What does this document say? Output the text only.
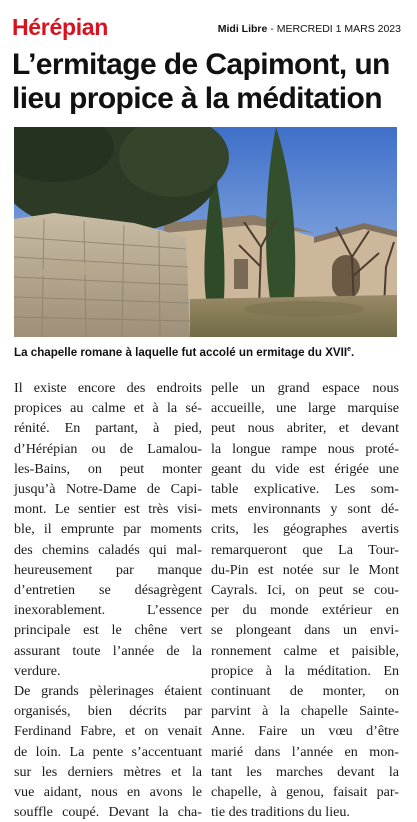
Hérépian	Midi Libre - MERCREDI 1 MARS 2023
L’ermitage de Capimont, un lieu propice à la méditation
La chapelle romane à laquelle fut accolé un ermitage du XVIIe.
Il existe encore des endroits
propices au calme et à la sé-
rénité. En partant, à pied,
d’Hérépian ou de Lamalou-
les-Bains, on peut monter
jusqu’à Notre-Dame de Capi-
mont. Le sentier est très visi-
ble, il emprunte par moments
des chemins caladés qui mal-
heureusement par manque
d’entretien se désagrègent
inexorablement. L’essence
principale est le chêne vert
assurant toute l’année de la
verdure.
De grands pèlerinages étaient
organisés, bien décrits par
Ferdinand Fabre, et on venait
de loin. La pente s’accentuant
sur les derniers mètres et la
vue aidant, nous en avons le
souffle coupé. Devant la cha-
pelle un grand espace nous
accueille, une large marquise
peut nous abriter, et devant
la longue rampe nous proté-
geant du vide est érigée une
table explicative. Les som-
mets environnants y sont dé-
crits, les géographes avertis
remarqueront que La Tour-
du-Pin est notée sur le Mont
Cayrals. Ici, on peut se cou-
per du monde extérieur en
se plongeant dans un envi-
ronnement calme et paisible,
propice à la méditation. En
continuant de monter, on
parvint à la chapelle Sainte-
Anne. Faire un vœu d’être
marié dans l’année en mon-
tant les marches devant la
chapelle, à genou, faisait par-
tie des traditions du lieu.
